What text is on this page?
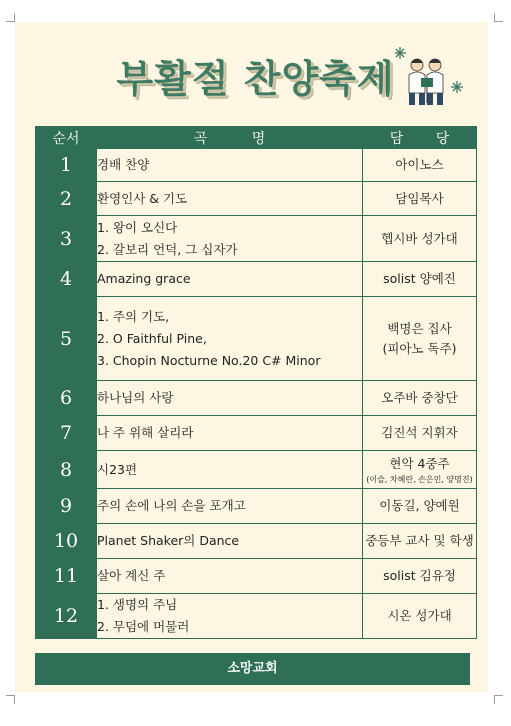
부활절 찬양축제
순서	곡 명	담 당
1	경배 찬양	아이노스

2	환영인사 & 기도	담임목사

3	1. 왕이 오신다
2. 갈보리 언덕, 그 십자가	헵시바 성가대

4	Amazing grace	solist 양예진

5	1. 주의 기도,
2. O Faithful Pine,
3. Chopin Nocturne No.20 C# Minor	백명은 집사
(피아노 독주)

6	하나님의 사랑	오주바 중창단

7	나 주 위해 살리라	김진석 지휘자

8	시23편	현악 4중주
(이슬, 차혜란, 손은민, 양명진)

9	주의 손에 나의 손을 포개고	이동길, 양예원

10	Planet Shaker의 Dance	중등부 교사 및 학생

11	살아 계신 주	solist 김유정

12	1. 생명의 주님
2. 무덤에 머물러	시온 성가대
소망교회
